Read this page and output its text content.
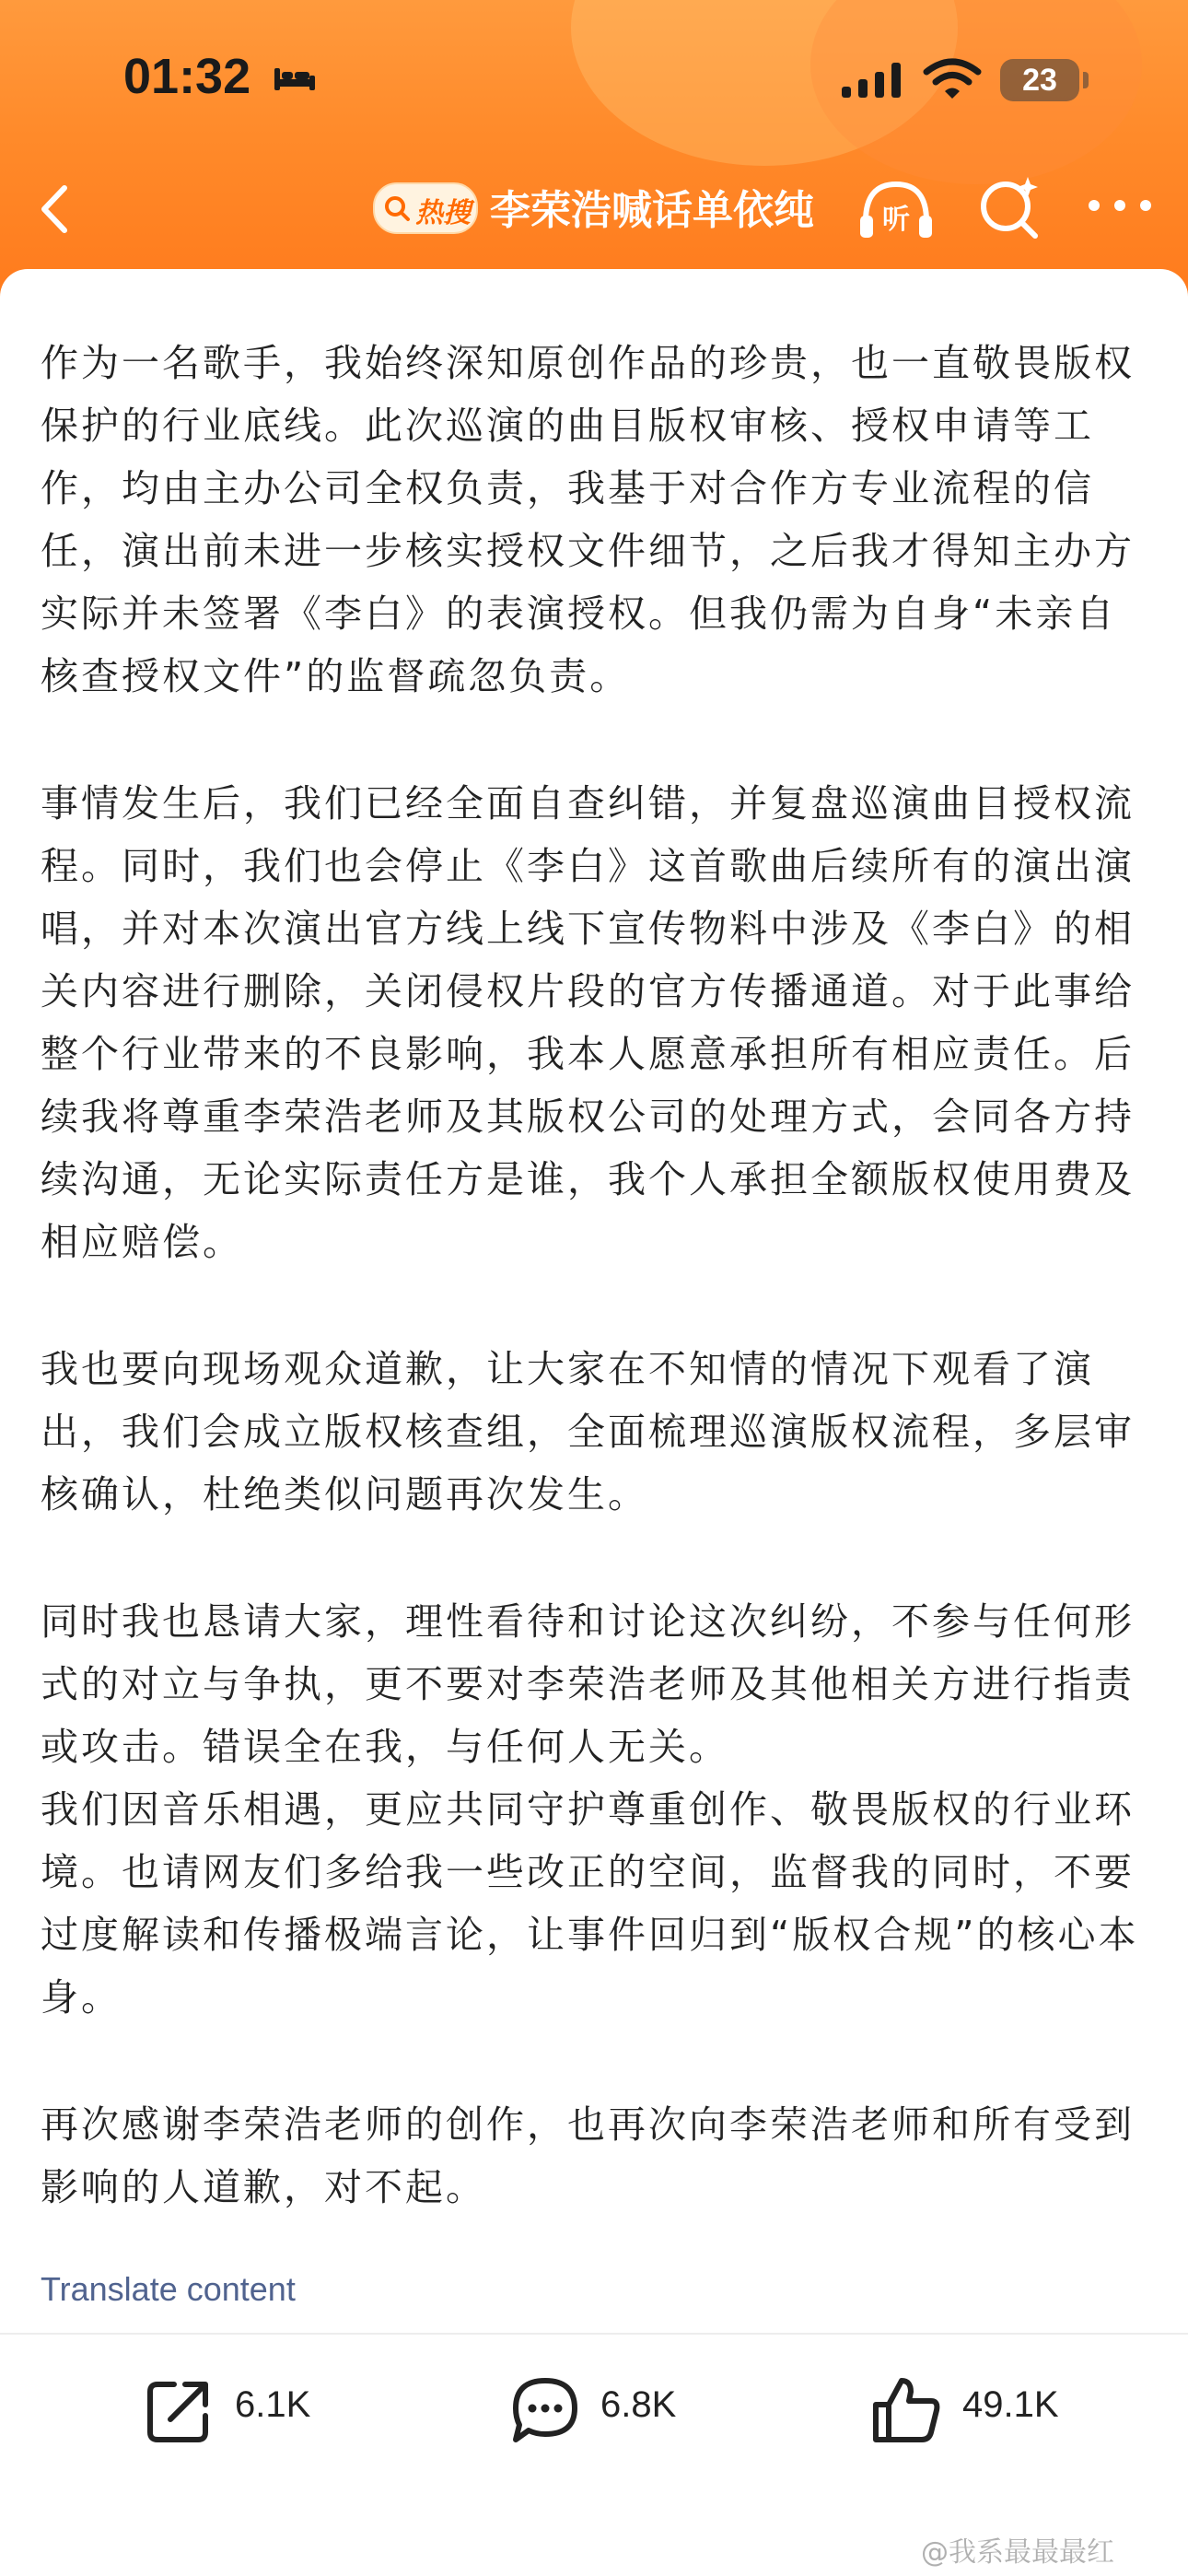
01:32	23
热搜 李荣浩喊话单依纯 听

作为一名歌手，我始终深知原创作品的珍贵，也一直敬畏版权保护的行业底线。此次巡演的曲目版权审核、授权申请等工作，均由主办公司全权负责，我基于对合作方专业流程的信任，演出前未进一步核实授权文件细节，之后我才得知主办方实际并未签署《李白》的表演授权。但我仍需为自身“未亲自核查授权文件”的监督疏忽负责。

事情发生后，我们已经全面自查纠错，并复盘巡演曲目授权流程。同时，我们也会停止《李白》这首歌曲后续所有的演出演唱，并对本次演出官方线上线下宣传物料中涉及《李白》的相关内容进行删除，关闭侵权片段的官方传播通道。对于此事给整个行业带来的不良影响，我本人愿意承担所有相应责任。后续我将尊重李荣浩老师及其版权公司的处理方式，会同各方持续沟通，无论实际责任方是谁，我个人承担全额版权使用费及相应赔偿。

我也要向现场观众道歉，让大家在不知情的情况下观看了演出，我们会成立版权核查组，全面梳理巡演版权流程，多层审核确认，杜绝类似问题再次发生。

同时我也恳请大家，理性看待和讨论这次纠纷，不参与任何形式的对立与争执，更不要对李荣浩老师及其他相关方进行指责或攻击。错误全在我，与任何人无关。

我们因音乐相遇，更应共同守护尊重创作、敬畏版权的行业环境。也请网友们多给我一些改正的空间，监督我的同时，不要过度解读和传播极端言论，让事件回归到“版权合规”的核心本身。

再次感谢李荣浩老师的创作，也再次向李荣浩老师和所有受到影响的人道歉，对不起。

Translate content
6.1K	6.8K	49.1K
@我系最最最红
